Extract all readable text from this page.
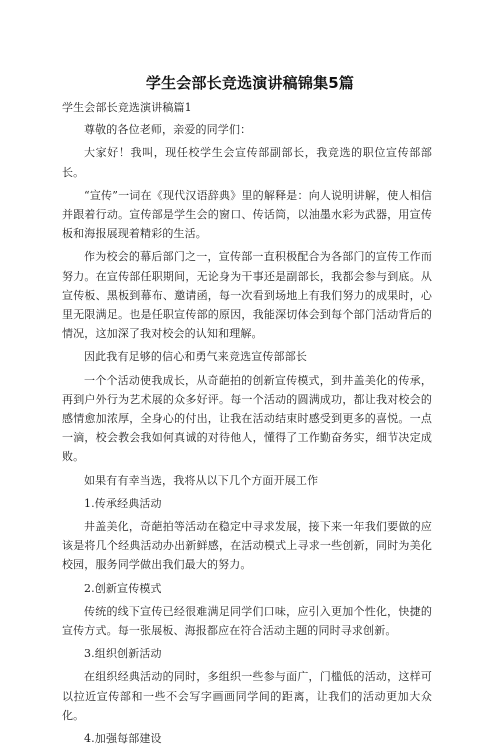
学生会部长竞选演讲稿锦集5篇

学生会部长竞选演讲稿篇1

尊敬的各位老师，亲爱的同学们：

大家好！我叫，现任校学生会宣传部副部长，我竞选的职位宣传部部长。

“宣传”一词在《现代汉语辞典》里的解释是：向人说明讲解，使人相信并跟着行动。宣传部是学生会的窗口、传话筒，以油墨水彩为武器，用宣传板和海报展现着精彩的生活。

作为校会的幕后部门之一，宣传部一直积极配合为各部门的宣传工作而努力。在宣传部任职期间，无论身为干事还是副部长，我都会参与到底。从宣传板、黑板到幕布、邀请函，每一次看到场地上有我们努力的成果时，心里无限满足。也是任职宣传部的原因，我能深切体会到每个部门活动背后的情况，这加深了我对校会的认知和理解。

因此我有足够的信心和勇气来竞选宣传部部长

一个个活动使我成长，从奇葩拍的创新宣传模式，到井盖美化的传承，再到户外行为艺术展的众多好评。每一个活动的圆满成功，都让我对校会的感情愈加浓厚，全身心的付出，让我在活动结束时感受到更多的喜悦。一点一滴，校会教会我如何真诚的对待他人，懂得了工作勤奋务实，细节决定成败。

如果有有幸当选，我将从以下几个方面开展工作

1.传承经典活动

井盖美化，奇葩拍等活动在稳定中寻求发展，接下来一年我们要做的应该是将几个经典活动办出新鲜感，在活动模式上寻求一些创新，同时为美化校园，服务同学做出我们最大的努力。

2.创新宣传模式

传统的线下宣传已经很难满足同学们口味，应引入更加个性化，快捷的宣传方式。每一张展板、海报都应在符合活动主题的同时寻求创新。

3.组织创新活动

在组织经典活动的同时，多组织一些参与面广，门槛低的活动，这样可以拉近宣传部和一些不会写字画画同学间的距离，让我们的活动更加大众化。

4.加强每部建设
